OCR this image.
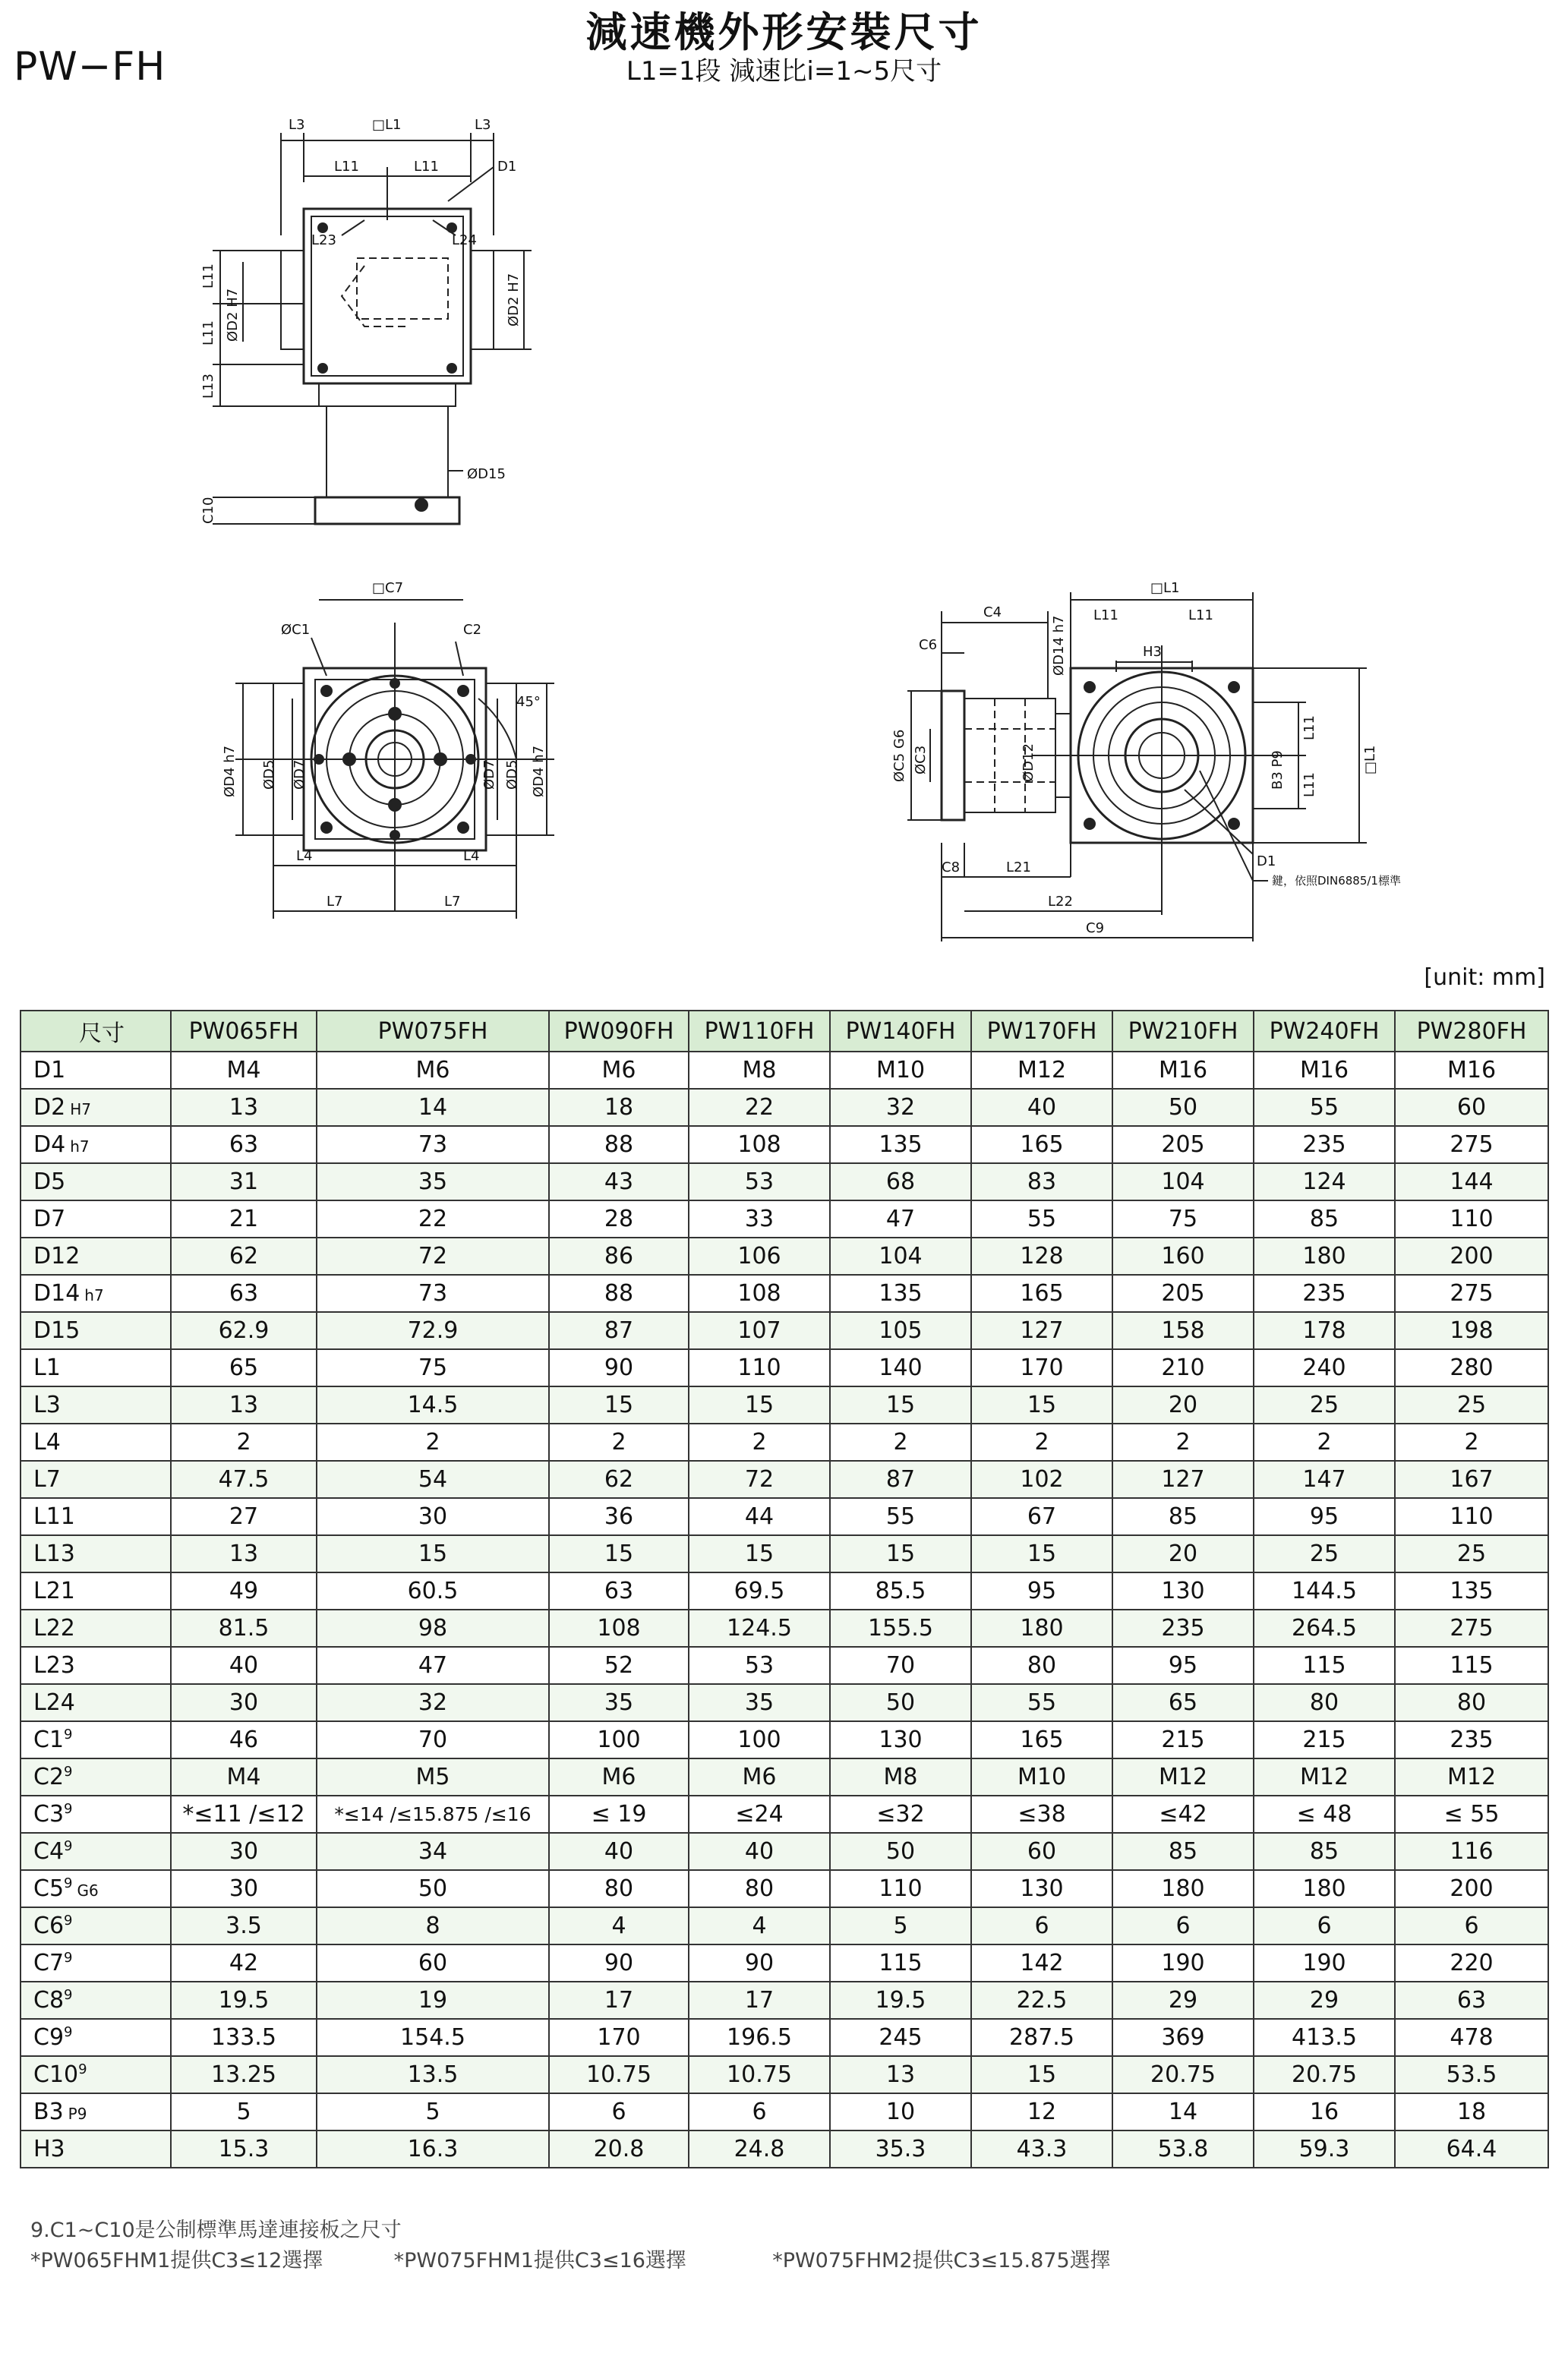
PW−FH
減速機外形安裝尺寸
L1=1段 減速比i=1~5尺寸
L3	□L1	L3
L11	L11	D1
L23	L24
ØD2 H7
L11
L11 ØD2 H7
L13
ØD15
C10
□C7
ØC1	C2
45°
ØD4 h7 ØD5 ØD7	ØD7 ØD5 ØD4 h7
L4	L4
L7	L7
□L1
C4	L11	L11
ØD14 h7
C6	H3
ØC5 G6 ØC3	ØD12
L11
B3 P9 L11
□L1
D1
C8	L21
L22
C9
鍵，依照DIN6885/1標準
[unit: mm]
尺寸	PW065FH	PW075FH	PW090FH	PW110FH	PW140FH	PW170FH	PW210FH	PW240FH	PW280FH
D1	M4	M6	M6	M8	M10	M12	M16	M16	M16
D2 H7	13	14	18	22	32	40	50	55	60
D4 h7	63	73	88	108	135	165	205	235	275
D5	31	35	43	53	68	83	104	124	144
D7	21	22	28	33	47	55	75	85	110
D12	62	72	86	106	104	128	160	180	200
D14 h7	63	73	88	108	135	165	205	235	275
D15	62.9	72.9	87	107	105	127	158	178	198
L1	65	75	90	110	140	170	210	240	280
L3	13	14.5	15	15	15	15	20	25	25
L4	2	2	2	2	2	2	2	2	2
L7	47.5	54	62	72	87	102	127	147	167
L11	27	30	36	44	55	67	85	95	110
L13	13	15	15	15	15	15	20	25	25
L21	49	60.5	63	69.5	85.5	95	130	144.5	135
L22	81.5	98	108	124.5	155.5	180	235	264.5	275
L23	40	47	52	53	70	80	95	115	115
L24	30	32	35	35	50	55	65	80	80
$C1^9$	46	70	100	100	130	165	215	215	235
$C2^9$	M4	M5	M6	M6	M8	M10	M12	M12	M12
$C3^9$	*≤11 /≤12	*≤14 /≤15.875 /≤16	≤ 19	≤24	≤32	≤38	≤42	≤ 48	≤ 55
$C4^9$	30	34	40	40	50	60	85	85	116
$C5^9$ G6	30	50	80	80	110	130	180	180	200
$C6^9$	3.5	8	4	4	5	6	6	6	6
$C7^9$	42	60	90	90	115	142	190	190	220
$C8^9$	19.5	19	17	17	19.5	22.5	29	29	63
$C9^9$	133.5	154.5	170	196.5	245	287.5	369	413.5	478
$C10^9$	13.25	13.5	10.75	10.75	13	15	20.75	20.75	53.5
B3 P9	5	5	6	6	10	12	14	16	18
H3	15.3	16.3	20.8	24.8	35.3	43.3	53.8	59.3	64.4
9.C1~C10是公制標準馬達連接板之尺寸
*PW065FHM1提供C3≤12選擇	*PW075FHM1提供C3≤16選擇	*PW075FHM2提供C3≤15.875選擇
